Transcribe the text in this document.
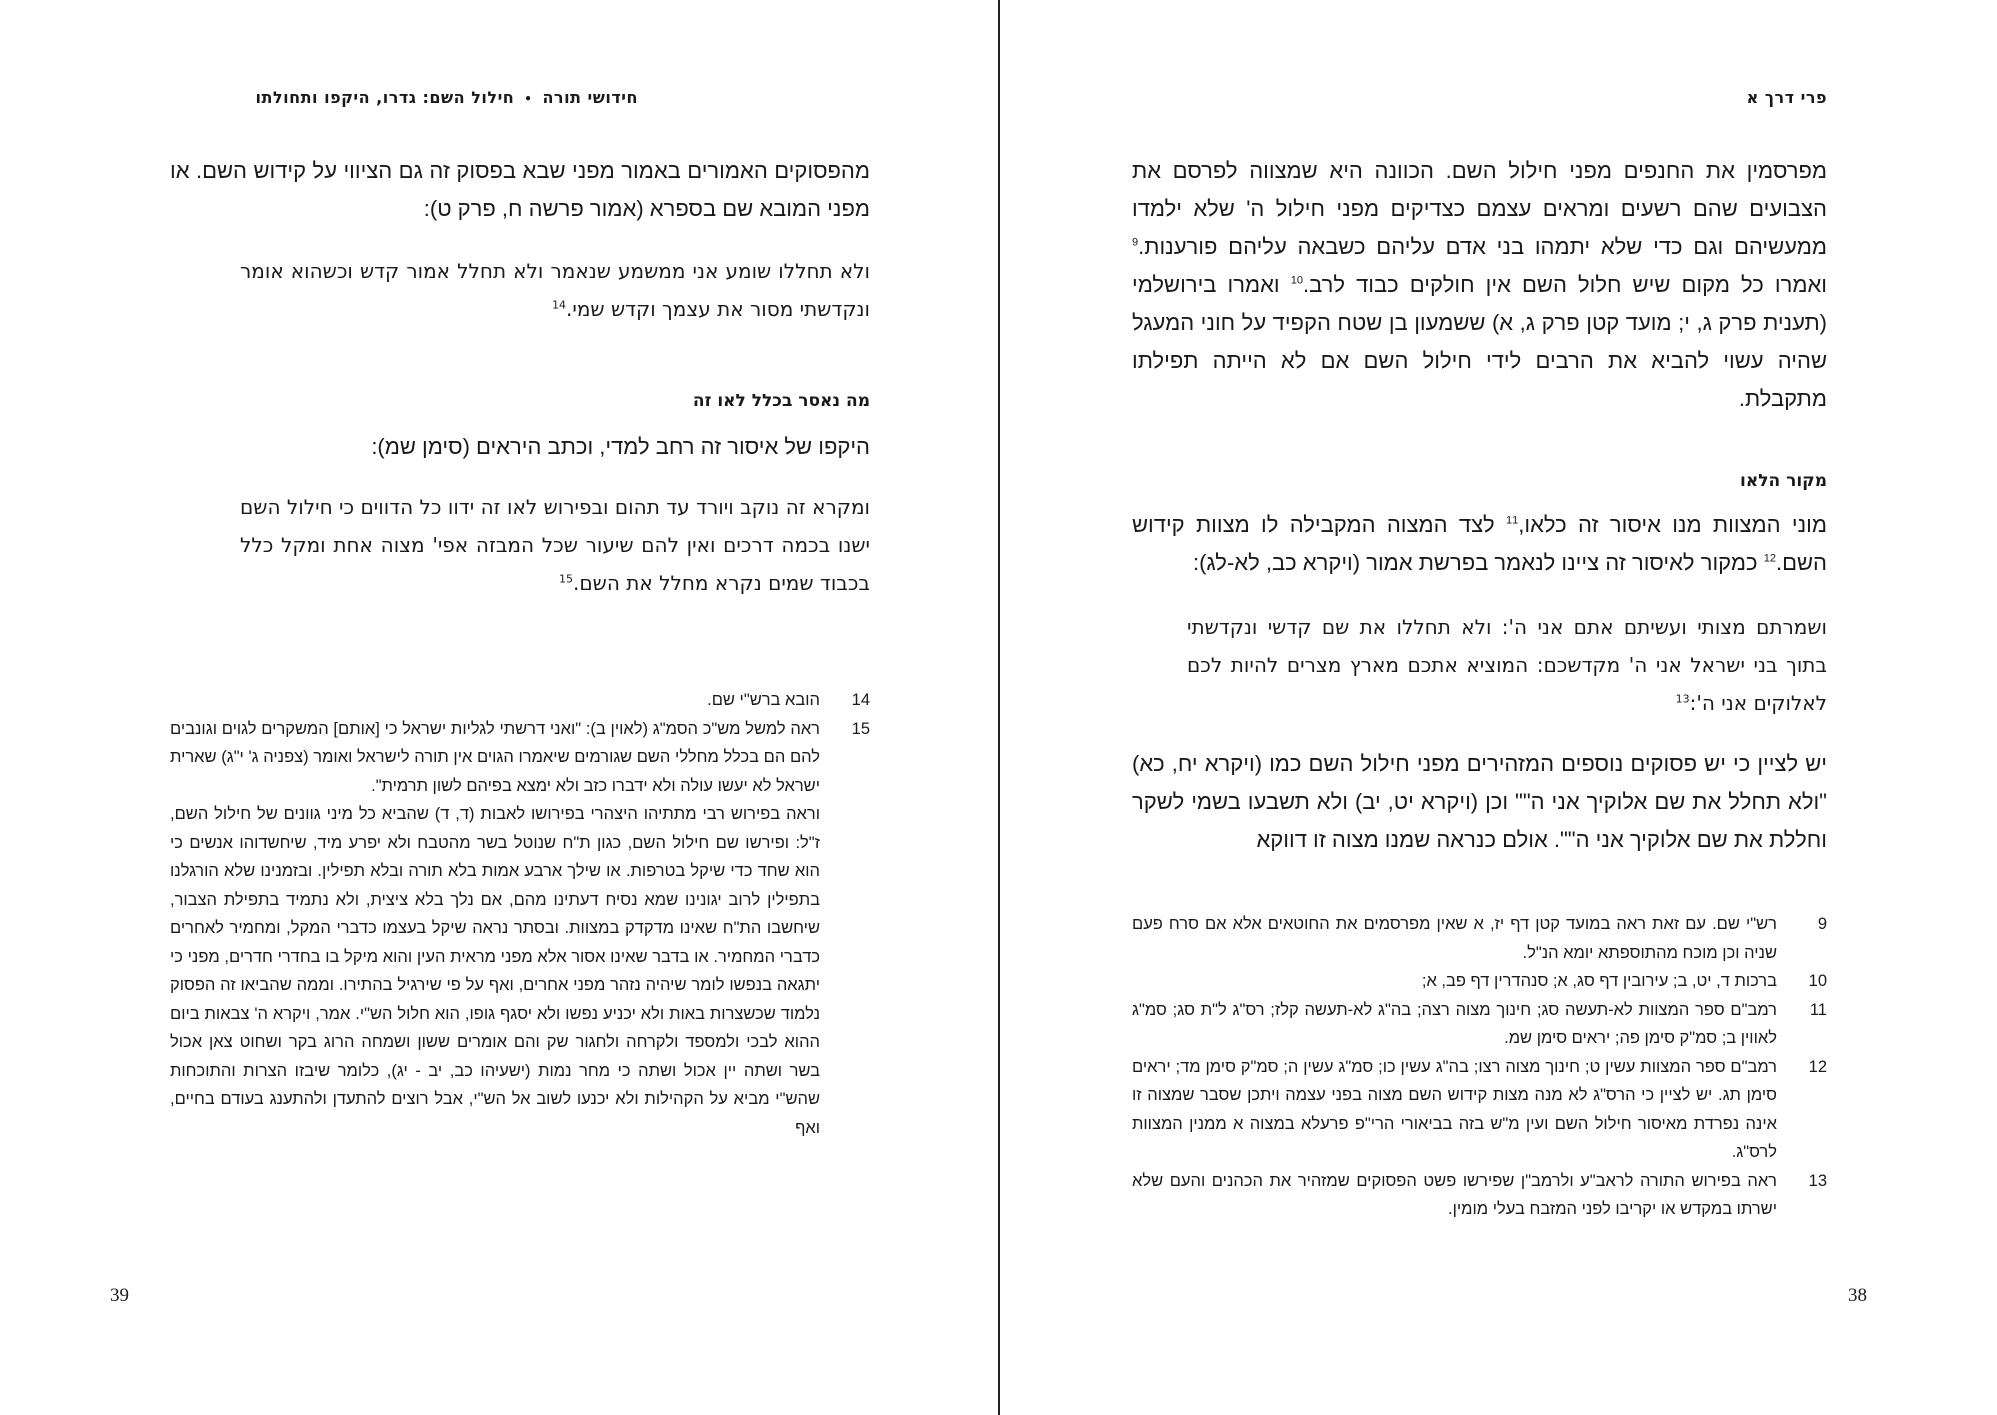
חידושי תורה•חילול השם: גדרו, היקפו ותחולתו
מהפסוקים האמורים באמור מפני שבא בפסוק זה גם הציווי על קידוש השם. או מפני המובא שם בספרא (אמור פרשה ח, פרק ט):
ולא תחללו שומע אני ממשמע שנאמר ולא תחלל אמור קדש וכשהוא אומר ונקדשתי מסור את עצמך וקדש שמי.$^{14}$
מה נאסר בכלל לאו זה
היקפו של איסור זה רחב למדי, וכתב היראים (סימן שמ):
ומקרא זה נוקב ויורד עד תהום ובפירוש לאו זה ידוו כל הדווים כי חילול השם ישנו בכמה דרכים ואין להם שיעור שכל המבזה אפי' מצוה אחת ומקל כלל בכבוד שמים נקרא מחלל את השם.$^{15}$
14

הובא ברש"י שם.

15

ראה למשל מש"כ הסמ"ג (לאוין ב): "ואני דרשתי לגליות ישראל כי [אותם] המשקרים לגוים וגונבים להם הם בכלל מחללי השם שגורמים שיאמרו הגוים אין תורה לישראל ואומר (צפניה ג' י"ג) שארית ישראל לא יעשו עולה ולא ידברו כזב ולא ימצא בפיהם לשון תרמית".

וראה בפירוש רבי מתתיהו היצהרי בפירושו לאבות (ד, ד) שהביא כל מיני גוונים של חילול השם, ז"ל: ופירשו שם חילול השם, כגון ת"ח שנוטל בשר מהטבח ולא יפרע מיד, שיחשדוהו אנשים כי הוא שחד כדי שיקל בטרפות. או שילך ארבע אמות בלא תורה ובלא תפילין. ובזמנינו שלא הורגלנו בתפילין לרוב יגונינו שמא נסיח דעתינו מהם, אם נלך בלא ציצית, ולא נתמיד בתפילת הצבור, שיחשבו הת"ח שאינו מדקדק במצוות. ובסתר נראה שיקל בעצמו כדברי המקל, ומחמיר לאחרים כדברי המחמיר. או בדבר שאינו אסור אלא מפני מראית העין והוא מיקל בו בחדרי חדרים, מפני כי יתגאה בנפשו לומר שיהיה נזהר מפני אחרים, ואף על פי שירגיל בהתירו. וממה שהביאו זה הפסוק נלמוד שכשצרות באות ולא יכניע נפשו ולא יסגף גופו, הוא חלול הש"י. אמר, ויקרא ה' צבאות ביום ההוא לבכי ולמספד ולקרחה ולחגור שק והם אומרים ששון ושמחה הרוג בקר ושחוט צאן אכול בשר ושתה יין אכול ושתה כי מחר נמות (ישעיהו כב, יב - יג), כלומר שיבזו הצרות והתוכחות שהש"י מביא על הקהילות ולא יכנעו לשוב אל הש"י, אבל רוצים להתעדן ולהתענג בעודם בחיים, ואף

39
פרי דרך א
מפרסמין את החנפים מפני חילול השם. הכוונה היא שמצווה לפרסם את הצבועים שהם רשעים ומראים עצמם כצדיקים מפני חילול ה' שלא ילמדו ממעשיהם וגם כדי שלא יתמהו בני אדם עליהם כשבאה עליהם פורענות.$^9$ ואמרו כל מקום שיש חלול השם אין חולקים כבוד לרב.$^{10}$ ואמרו בירושלמי (תענית פרק ג, י; מועד קטן פרק ג, א) ששמעון בן שטח הקפיד על חוני המעגל שהיה עשוי להביא את הרבים לידי חילול השם אם לא הייתה תפילתו מתקבלת.
מקור הלאו
מוני המצוות מנו איסור זה כלאו,$^{11}$ לצד המצוה המקבילה לו מצוות קידוש השם.$^{12}$ כמקור לאיסור זה ציינו לנאמר בפרשת אמור (ויקרא כב, לא-לג):
ושמרתם מצותי ועשיתם אתם אני ה': ולא תחללו את שם קדשי ונקדשתי בתוך בני ישראל אני ה' מקדשכם: המוציא אתכם מארץ מצרים להיות לכם לאלוקים אני ה':$^{13}$
יש לציין כי יש פסוקים נוספים המזהירים מפני חילול השם כמו (ויקרא יח, כא) "ולא תחלל את שם אלוקיך אני ה"" וכן (ויקרא יט, יב) ולא תשבעו בשמי לשקר וחללת את שם אלוקיך אני ה"". אולם כנראה שמנו מצוה זו דווקא
9

רש"י שם. עם זאת ראה במועד קטן דף יז, א שאין מפרסמים את החוטאים אלא אם סרח פעם שניה וכן מוכח מהתוספתא יומא הנ"ל.

10

ברכות ד, יט, ב; עירובין דף סג, א; סנהדרין דף פב, א;

11

רמב"ם ספר המצוות לא-תעשה סג; חינוך מצוה רצה; בה"ג לא-תעשה קלז; רס"ג ל"ת סג; סמ"ג לאווין ב; סמ"ק סימן פה; יראים סימן שמ.

12

רמב"ם ספר המצוות עשין ט; חינוך מצוה רצו; בה"ג עשין כו; סמ"ג עשין ה; סמ"ק סימן מד; יראים סימן תג. יש לציין כי הרס"ג לא מנה מצות קידוש השם מצוה בפני עצמה ויתכן שסבר שמצוה זו אינה נפרדת מאיסור חילול השם ועין מ"ש בזה בביאורי הרי"פ פרעלא במצוה א ממנין המצוות לרס"ג.

13

ראה בפירוש התורה לראב"ע ולרמב"ן שפירשו פשט הפסוקים שמזהיר את הכהנים והעם שלא ישרתו במקדש או יקריבו לפני המזבח בעלי מומין.

38
